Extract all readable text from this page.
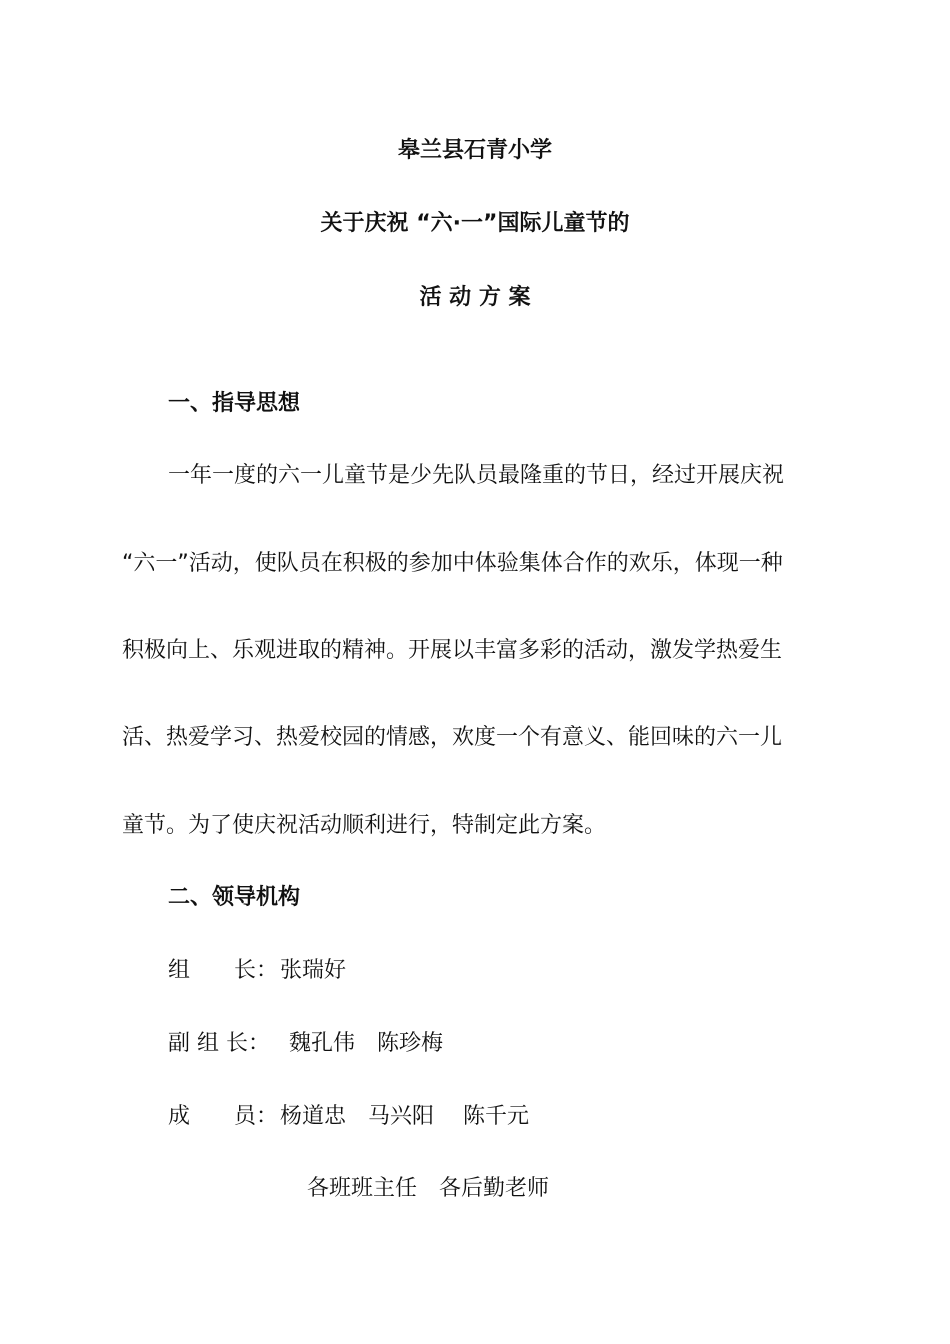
皋兰县石青小学
关于庆祝 “六·一”国际儿童节的
活 动 方 案
一、指导思想
一年一度的六一儿童节是少先队员最隆重的节日，经过开展庆祝
“六一”活动，使队员在积极的参加中体验集体合作的欢乐，体现一种
积极向上、乐观进取的精神。开展以丰富多彩的活动，激发学热爱生
活、热爱学习、热爱校园的情感，欢度一个有意义、能回味的六一儿
童节。为了使庆祝活动顺利进行，特制定此方案。
二、领导机构
组　　长： 张瑞好
副 组 长： 魏孔伟　陈珍梅
成　　员： 杨道忠　马兴阳　 陈千元
各班班主任　各后勤老师
